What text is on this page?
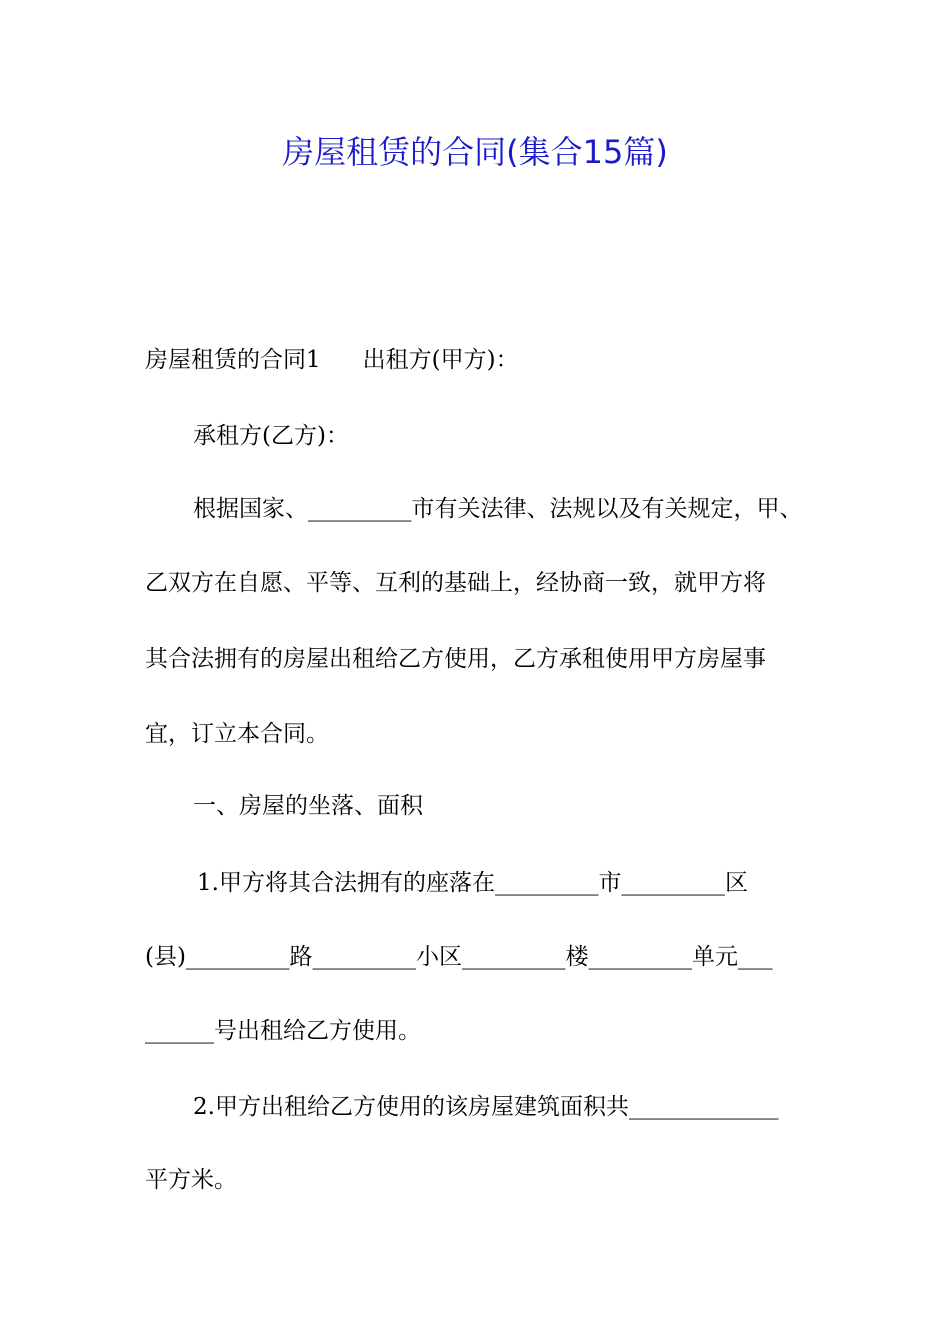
房屋租赁的合同(集合15篇)
房屋租赁的合同1 出租方(甲方)：
承租方(乙方)：
根据国家、_________市有关法律、法规以及有关规定，甲、
乙双方在自愿、平等、互利的基础上，经协商一致，就甲方将
其合法拥有的房屋出租给乙方使用，乙方承租使用甲方房屋事
宜，订立本合同。
一、房屋的坐落、面积
1.甲方将其合法拥有的座落在_________市_________区
(县)_________路_________小区_________楼_________单元___
______号出租给乙方使用。
2.甲方出租给乙方使用的该房屋建筑面积共_____________
平方米。
